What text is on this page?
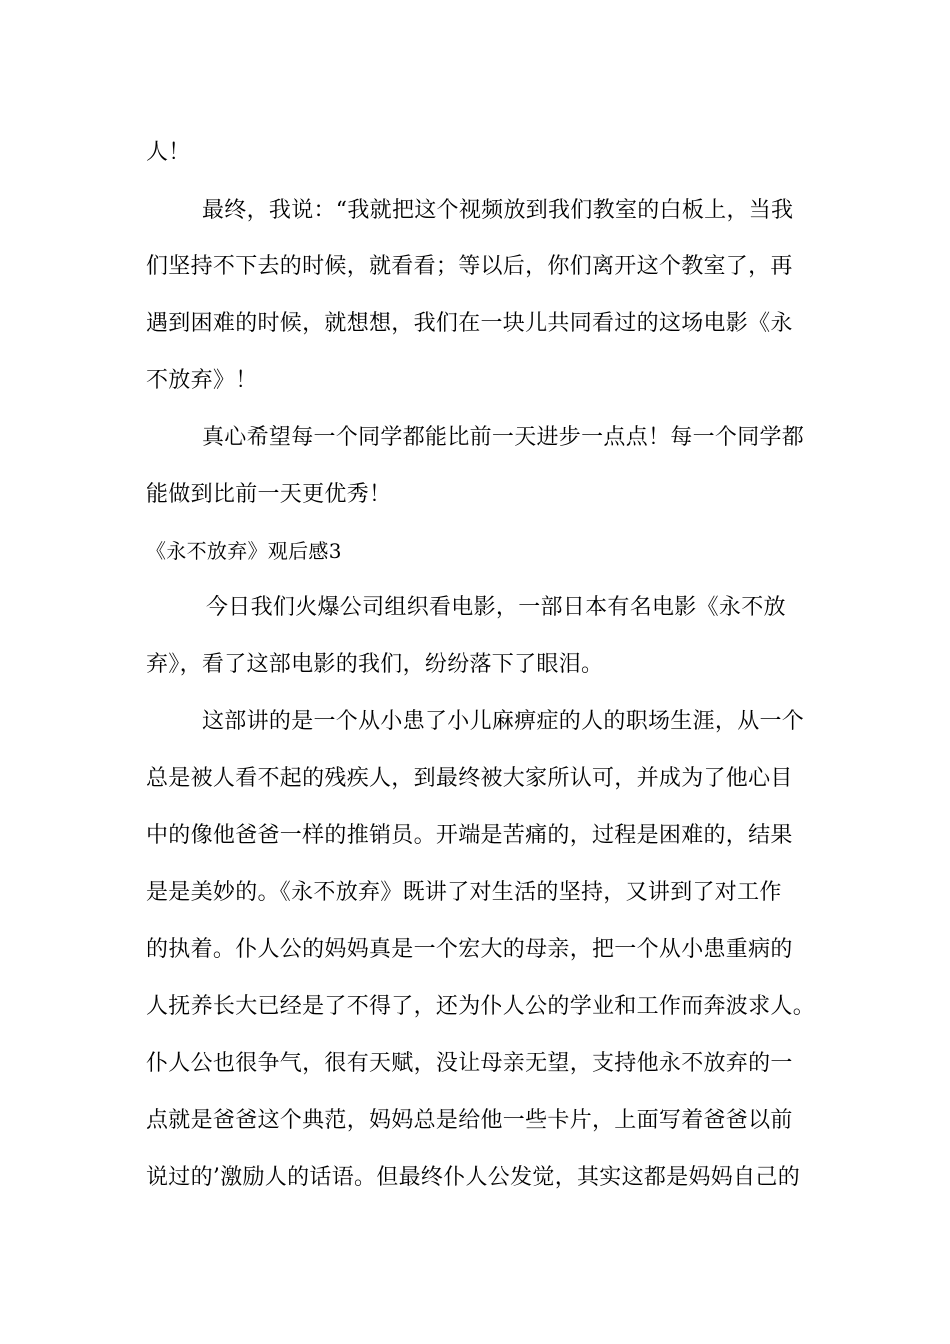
人！
最终，我说：“我就把这个视频放到我们教室的白板上，当我
们坚持不下去的时候，就看看；等以后，你们离开这个教室了，再
遇到困难的时候，就想想，我们在一块儿共同看过的这场电影《永
不放弃》！
真心希望每一个同学都能比前一天进步一点点！每一个同学都
能做到比前一天更优秀！
《永不放弃》观后感3
今日我们火爆公司组织看电影，一部日本有名电影《永不放
弃》，看了这部电影的我们，纷纷落下了眼泪。
这部讲的是一个从小患了小儿麻痹症的人的职场生涯，从一个
总是被人看不起的残疾人，到最终被大家所认可，并成为了他心目
中的像他爸爸一样的推销员。开端是苦痛的，过程是困难的，结果
是是美妙的。《永不放弃》既讲了对生活的坚持，又讲到了对工作
的执着。仆人公的妈妈真是一个宏大的母亲，把一个从小患重病的
人抚养长大已经是了不得了，还为仆人公的学业和工作而奔波求人。
仆人公也很争气，很有天赋，没让母亲无望，支持他永不放弃的一
点就是爸爸这个典范，妈妈总是给他一些卡片，上面写着爸爸以前
说过的’激励人的话语。但最终仆人公发觉，其实这都是妈妈自己的
